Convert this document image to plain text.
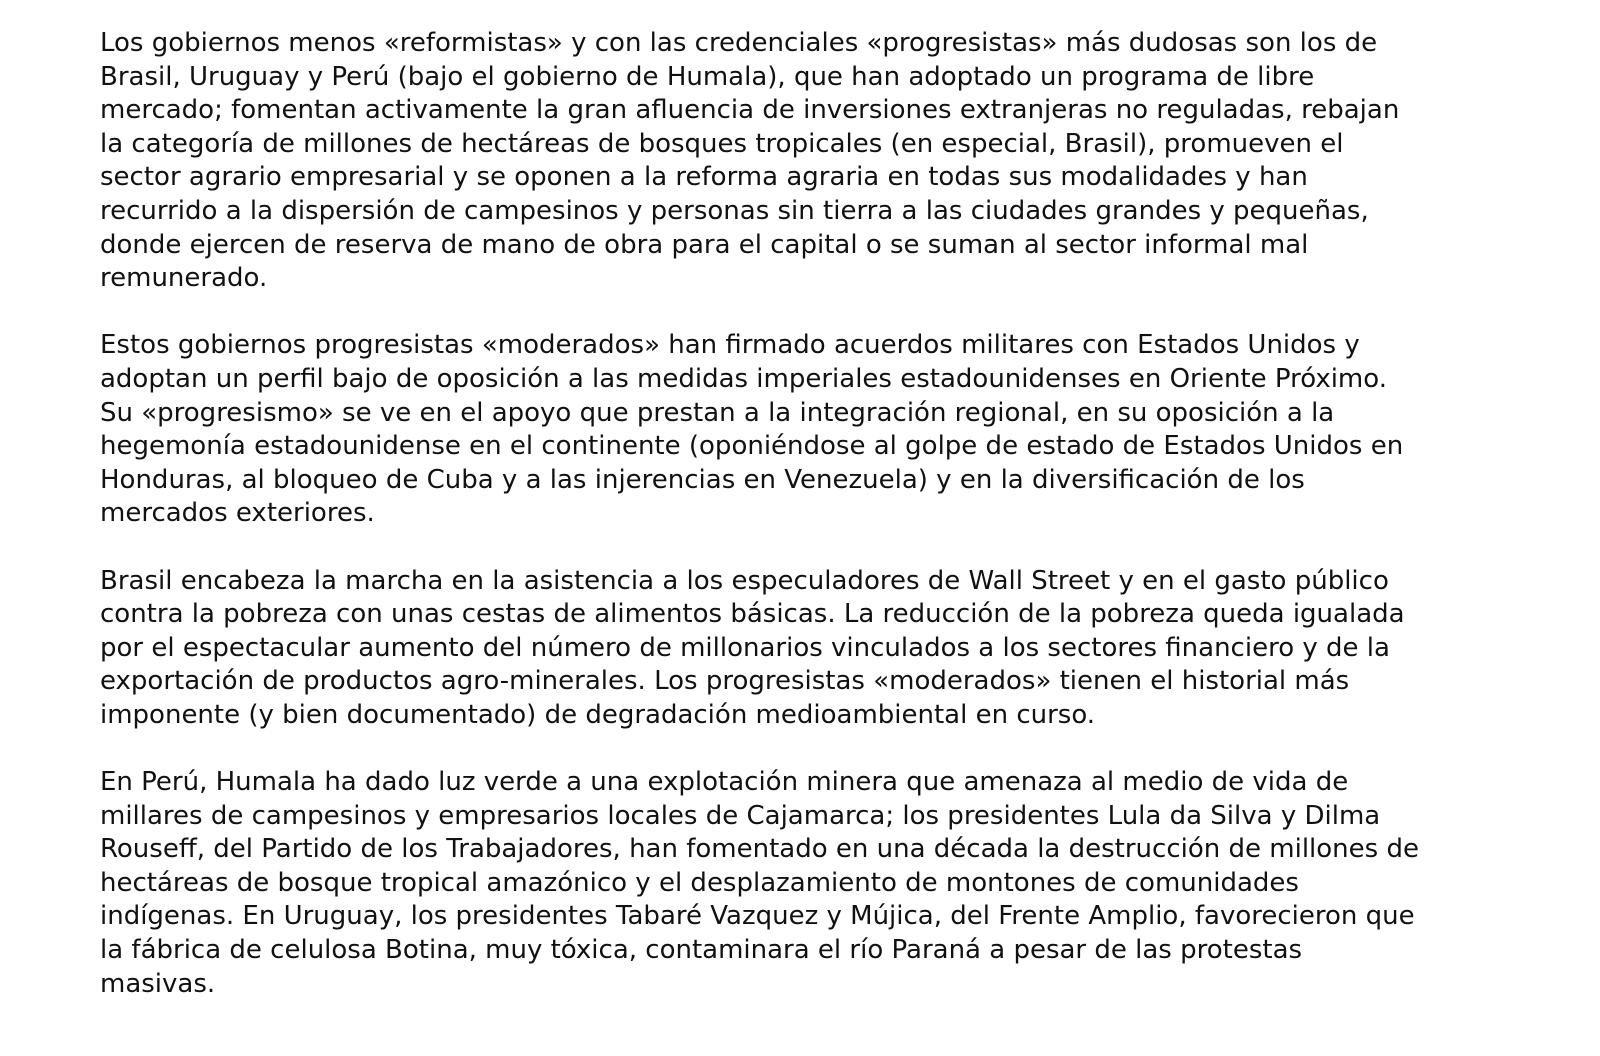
Los gobiernos menos «reformistas» y con las credenciales «progresistas» más dudosas son los de
Brasil, Uruguay y Perú (bajo el gobierno de Humala), que han adoptado un programa de libre
mercado; fomentan activamente la gran afluencia de inversiones extranjeras no reguladas, rebajan
la categoría de millones de hectáreas de bosques tropicales (en especial, Brasil), promueven el
sector agrario empresarial y se oponen a la reforma agraria en todas sus modalidades y han
recurrido a la dispersión de campesinos y personas sin tierra a las ciudades grandes y pequeñas,
donde ejercen de reserva de mano de obra para el capital o se suman al sector informal mal
remunerado.

Estos gobiernos progresistas «moderados» han firmado acuerdos militares con Estados Unidos y
adoptan un perfil bajo de oposición a las medidas imperiales estadounidenses en Oriente Próximo.
Su «progresismo» se ve en el apoyo que prestan a la integración regional, en su oposición a la
hegemonía estadounidense en el continente (oponiéndose al golpe de estado de Estados Unidos en
Honduras, al bloqueo de Cuba y a las injerencias en Venezuela) y en la diversificación de los
mercados exteriores.

Brasil encabeza la marcha en la asistencia a los especuladores de Wall Street y en el gasto público
contra la pobreza con unas cestas de alimentos básicas. La reducción de la pobreza queda igualada
por el espectacular aumento del número de millonarios vinculados a los sectores financiero y de la
exportación de productos agro-minerales. Los progresistas «moderados» tienen el historial más
imponente (y bien documentado) de degradación medioambiental en curso.

En Perú, Humala ha dado luz verde a una explotación minera que amenaza al medio de vida de
millares de campesinos y empresarios locales de Cajamarca; los presidentes Lula da Silva y Dilma
Rouseff, del Partido de los Trabajadores, han fomentado en una década la destrucción de millones de
hectáreas de bosque tropical amazónico y el desplazamiento de montones de comunidades
indígenas. En Uruguay, los presidentes Tabaré Vazquez y Mújica, del Frente Amplio, favorecieron que
la fábrica de celulosa Botina, muy tóxica, contaminara el río Paraná a pesar de las protestas
masivas.
